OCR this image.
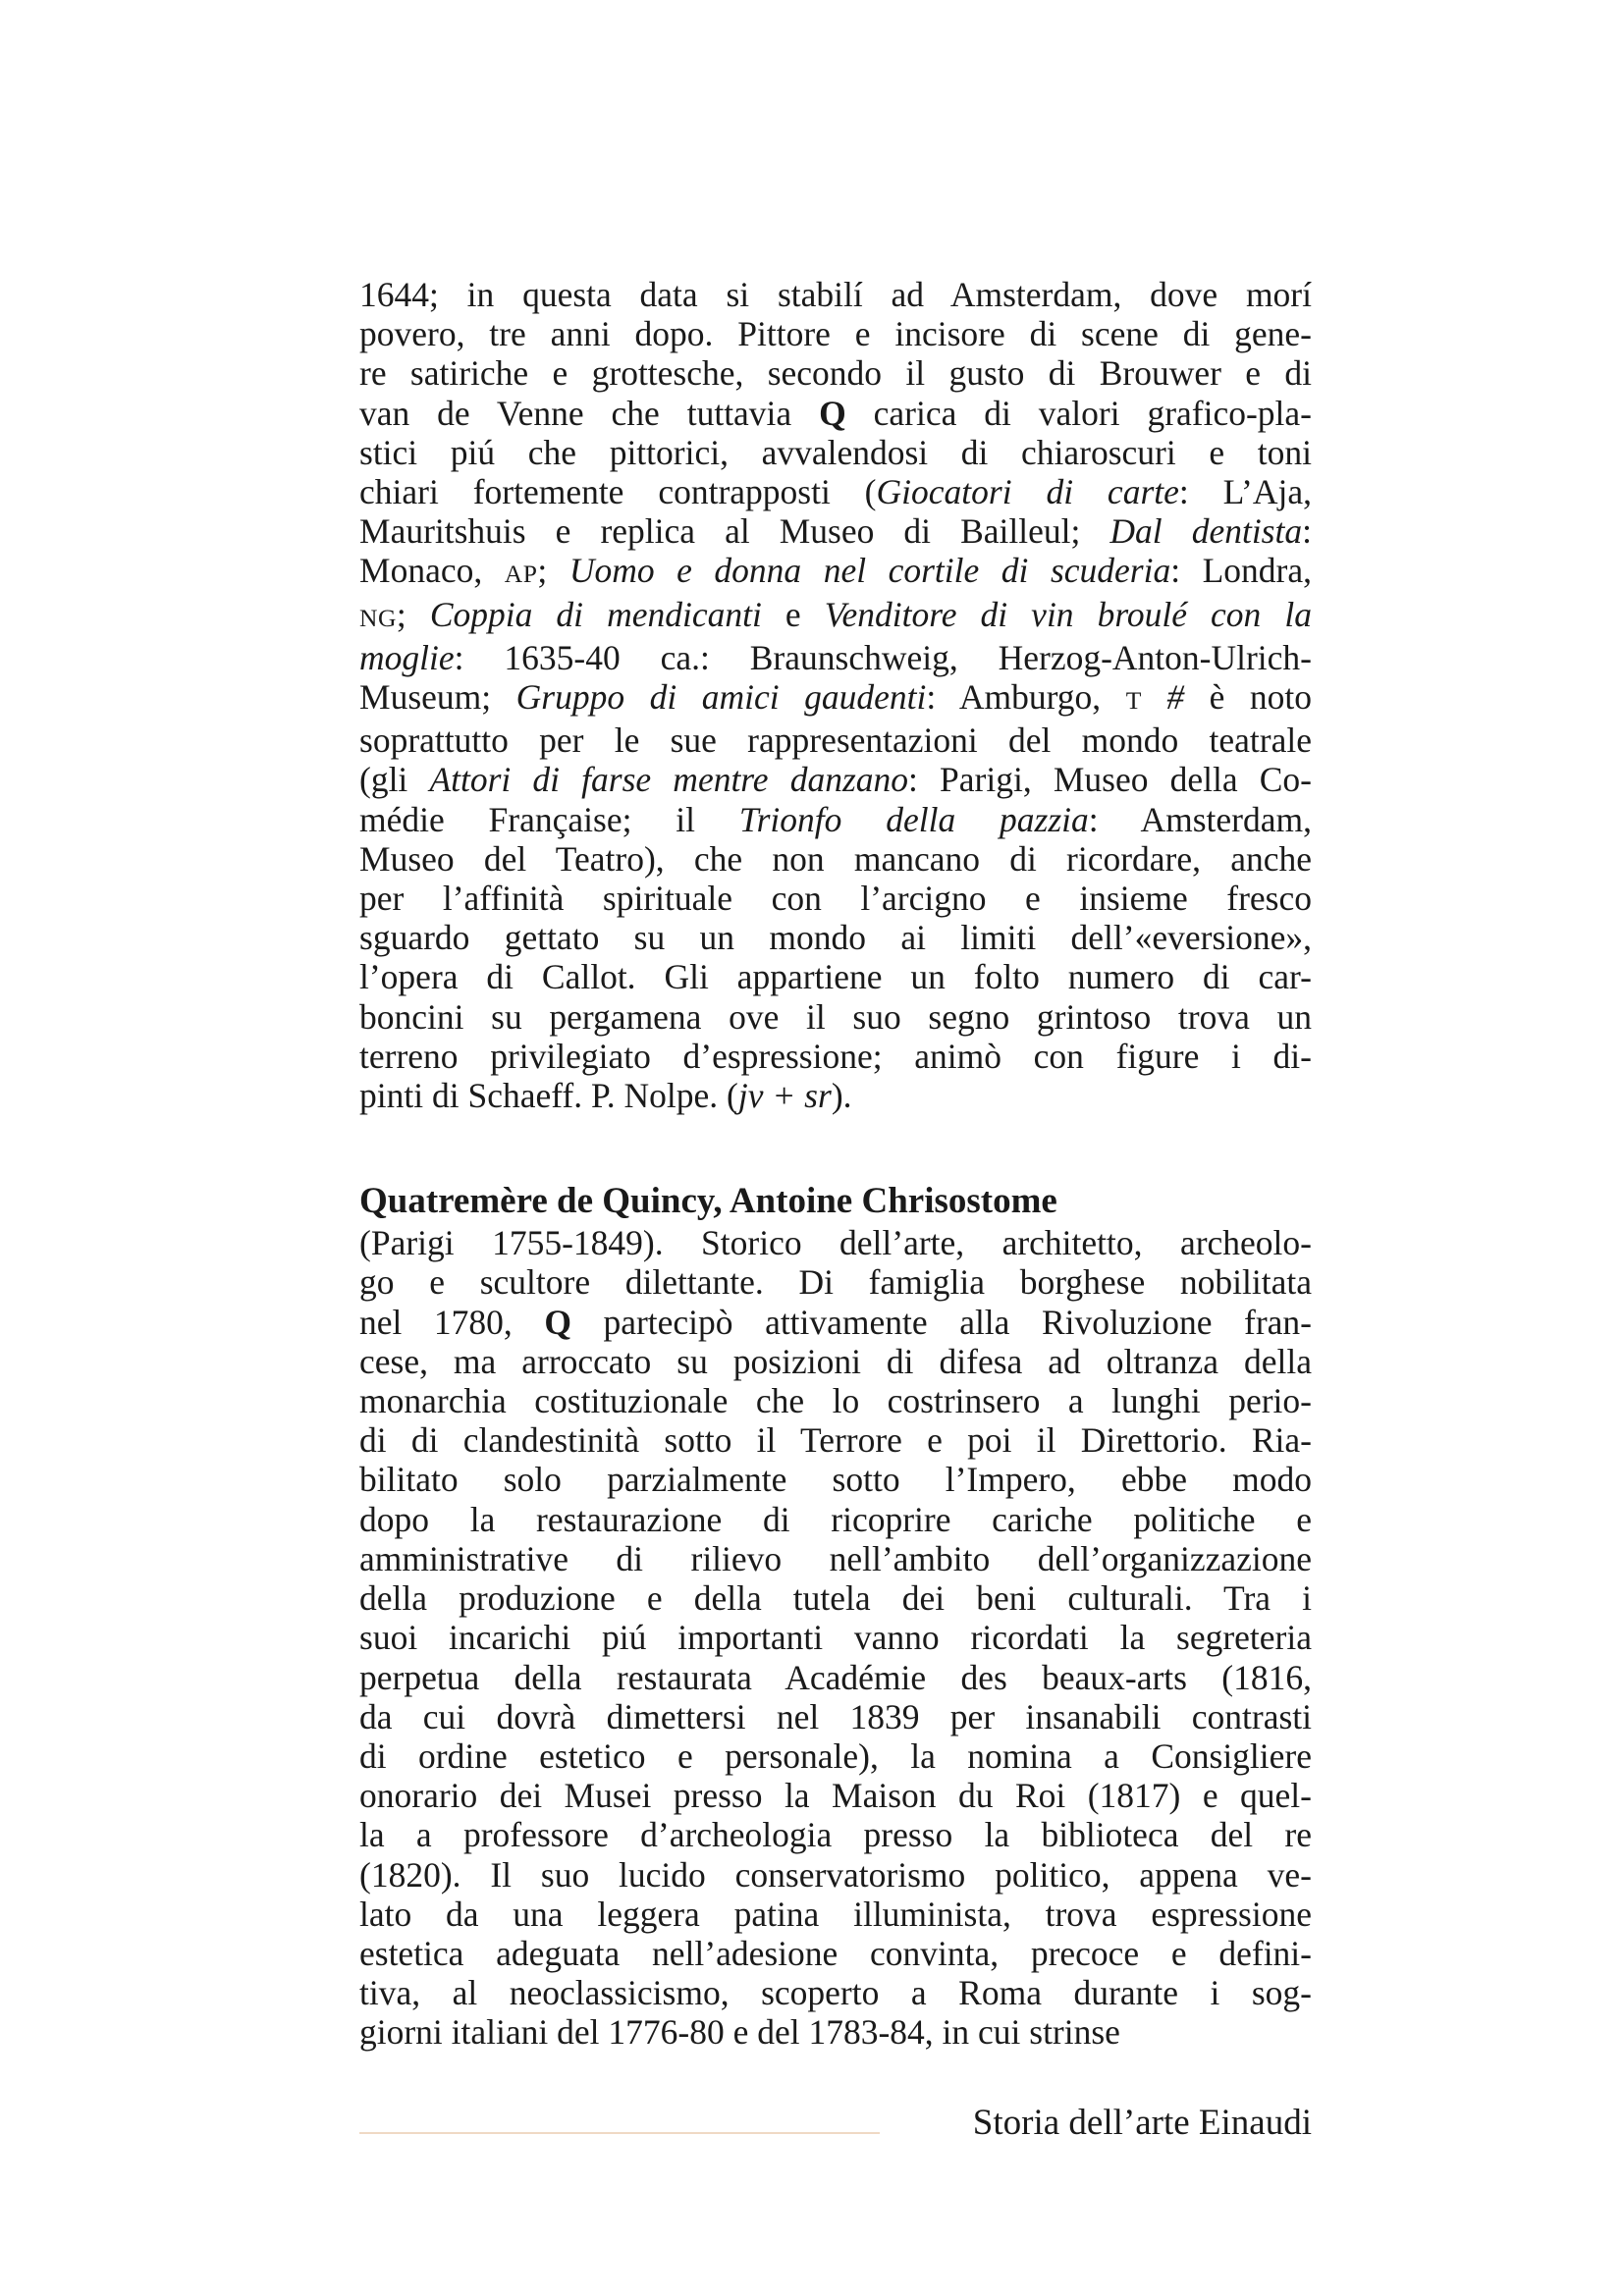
1644; in questa data si stabilí ad Amsterdam, dove morí
povero, tre anni dopo. Pittore e incisore di scene di gene-
re satiriche e grottesche, secondo il gusto di Brouwer e di
van de Venne che tuttavia Q carica di valori grafico-pla-
stici piú che pittorici, avvalendosi di chiaroscuri e toni
chiari fortemente contrapposti (Giocatori di carte: L’Aja,
Mauritshuis e replica al Museo di Bailleul; Dal dentista:
Monaco, AP; Uomo e donna nel cortile di scuderia: Londra,
NG; Coppia di mendicanti e Venditore di vin broulé con la
moglie: 1635-40 ca.: Braunschweig, Herzog-Anton-Ulrich-
Museum; Gruppo di amici gaudenti: Amburgo, T # è noto
soprattutto per le sue rappresentazioni del mondo teatrale
(gli Attori di farse mentre danzano: Parigi, Museo della Co-
médie Française; il Trionfo della pazzia: Amsterdam,
Museo del Teatro), che non mancano di ricordare, anche
per l’affinità spirituale con l’arcigno e insieme fresco
sguardo gettato su un mondo ai limiti dell’«eversione»,
l’opera di Callot. Gli appartiene un folto numero di car-
boncini su pergamena ove il suo segno grintoso trova un
terreno privilegiato d’espressione; animò con figure i di-
pinti di Schaeff. P. Nolpe. (jv + sr).
Quatremère de Quincy, Antoine Chrisostome
(Parigi 1755-1849). Storico dell’arte, architetto, archeolo-
go e scultore dilettante. Di famiglia borghese nobilitata
nel 1780, Q partecipò attivamente alla Rivoluzione fran-
cese, ma arroccato su posizioni di difesa ad oltranza della
monarchia costituzionale che lo costrinsero a lunghi perio-
di di clandestinità sotto il Terrore e poi il Direttorio. Ria-
bilitato solo parzialmente sotto l’Impero, ebbe modo
dopo la restaurazione di ricoprire cariche politiche e
amministrative di rilievo nell’ambito dell’organizzazione
della produzione e della tutela dei beni culturali. Tra i
suoi incarichi piú importanti vanno ricordati la segreteria
perpetua della restaurata Académie des beaux-arts (1816,
da cui dovrà dimettersi nel 1839 per insanabili contrasti
di ordine estetico e personale), la nomina a Consigliere
onorario dei Musei presso la Maison du Roi (1817) e quel-
la a professore d’archeologia presso la biblioteca del re
(1820). Il suo lucido conservatorismo politico, appena ve-
lato da una leggera patina illuminista, trova espressione
estetica adeguata nell’adesione convinta, precoce e defini-
tiva, al neoclassicismo, scoperto a Roma durante i sog-
giorni italiani del 1776-80 e del 1783-84, in cui strinse
Storia dell’arte Einaudi
